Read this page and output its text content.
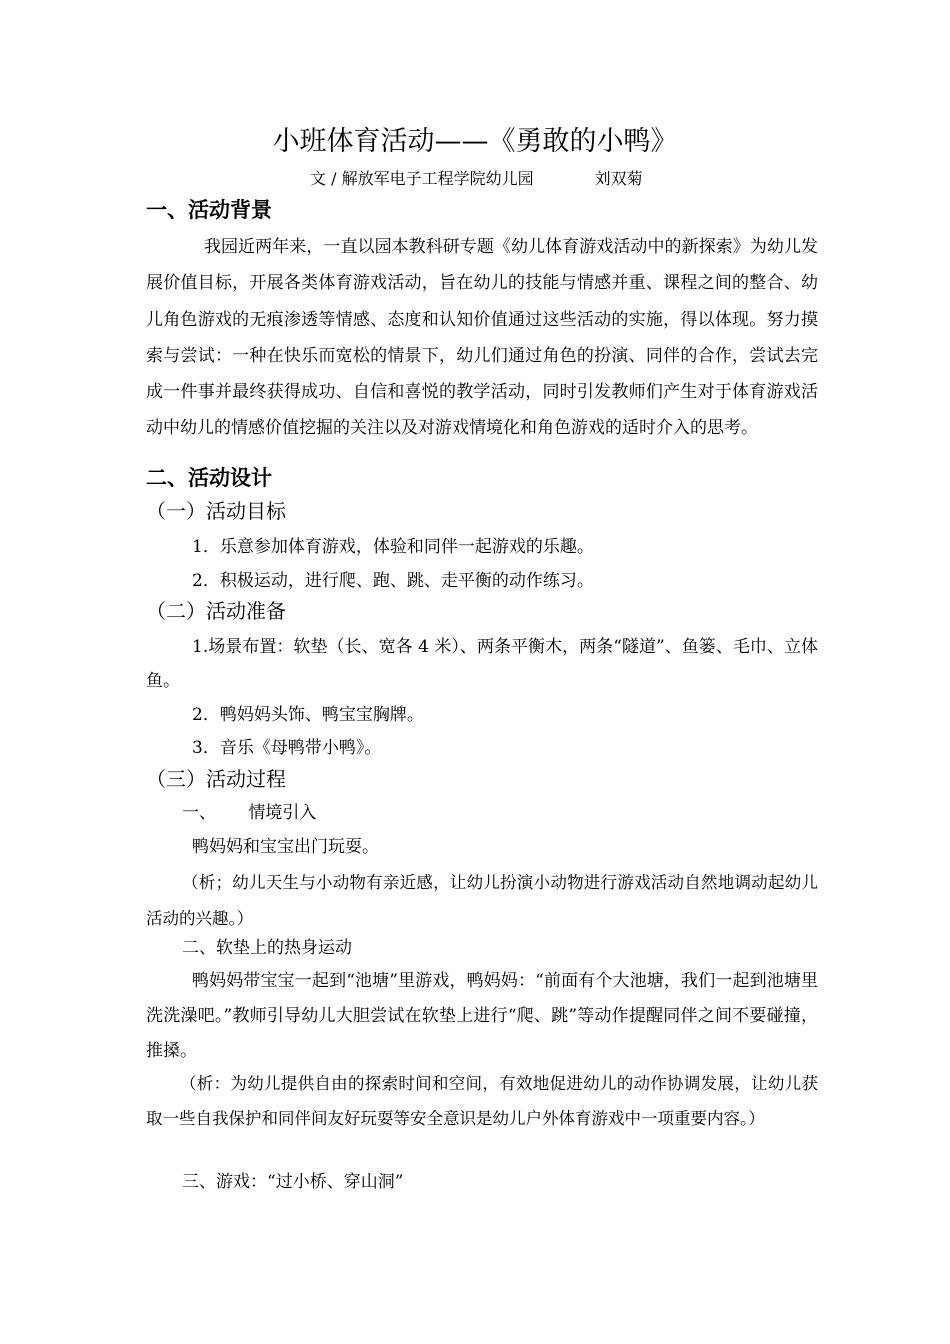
小班体育活动——《勇敢的小鸭》
文 / 解放军电子工程学院幼儿园            刘双菊
一、活动背景
我园近两年来，一直以园本教科研专题《幼儿体育游戏活动中的新探索》为幼儿发展价值目标，开展各类体育游戏活动，旨在幼儿的技能与情感并重、课程之间的整合、幼儿角色游戏的无痕渗透等情感、态度和认知价值通过这些活动的实施，得以体现。努力摸索与尝试：一种在快乐而宽松的情景下，幼儿们通过角色的扮演、同伴的合作，尝试去完成一件事并最终获得成功、自信和喜悦的教学活动，同时引发教师们产生对于体育游戏活动中幼儿的情感价值挖掘的关注以及对游戏情境化和角色游戏的适时介入的思考。
二、活动设计
（一）活动目标
1．乐意参加体育游戏，体验和同伴一起游戏的乐趣。
2．积极运动，进行爬、跑、跳、走平衡的动作练习。
（二）活动准备
1.场景布置：软垫（长、宽各 4 米）、两条平衡木，两条“隧道”、鱼篓、毛巾、立体鱼。
2．鸭妈妈头饰、鸭宝宝胸牌。
3．音乐《母鸭带小鸭》。
（三）活动过程
一、      情境引入
鸭妈妈和宝宝出门玩耍。
（析；幼儿天生与小动物有亲近感，让幼儿扮演小动物进行游戏活动自然地调动起幼儿活动的兴趣。）
二、软垫上的热身运动
鸭妈妈带宝宝一起到“池塘”里游戏，鸭妈妈：“前面有个大池塘，我们一起到池塘里洗洗澡吧。”教师引导幼儿大胆尝试在软垫上进行“爬、跳”等动作提醒同伴之间不要碰撞，推搡。
（析：为幼儿提供自由的探索时间和空间，有效地促进幼儿的动作协调发展，让幼儿获取一些自我保护和同伴间友好玩耍等安全意识是幼儿户外体育游戏中一项重要内容。）
三、游戏：“过小桥、穿山洞”
